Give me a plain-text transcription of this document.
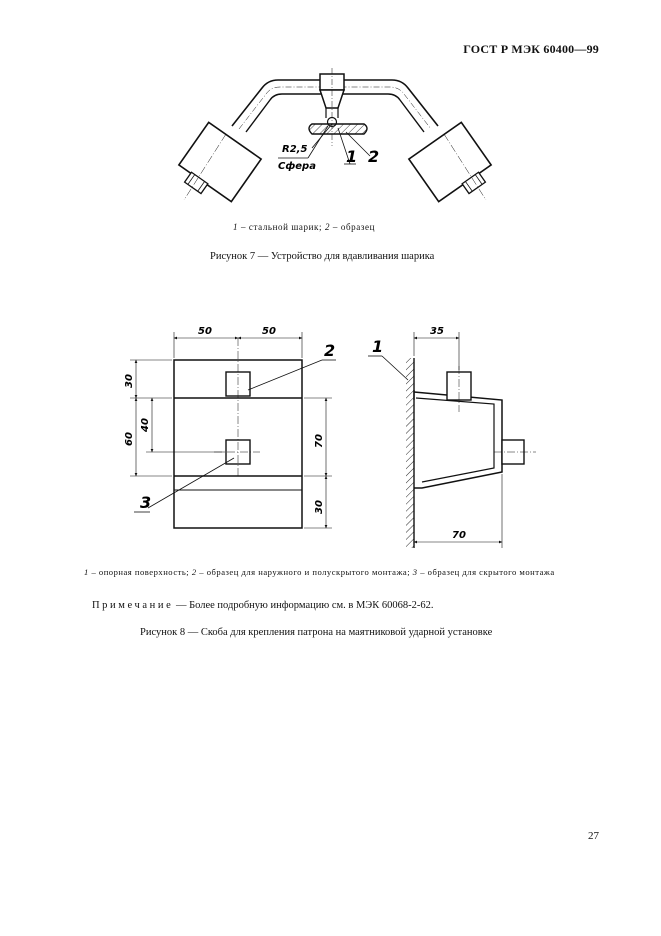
ГОСТ Р МЭК 60400—99
R2,5
Сфера
1 2
1 – стальной шарик; 2 – образец
Рисунок 7 — Устройство для вдавливания шарика
50	50
30
60
40
70
30
2
3
35
70
1
1 – опорная поверхность; 2 – образец для наружного и полускрытого монтажа; 3 – образец для скрытого монтажа
Примечание — Более подробную информацию см. в МЭК 60068-2-62.
Рисунок 8 — Скоба для крепления патрона на маятниковой ударной установке
27
